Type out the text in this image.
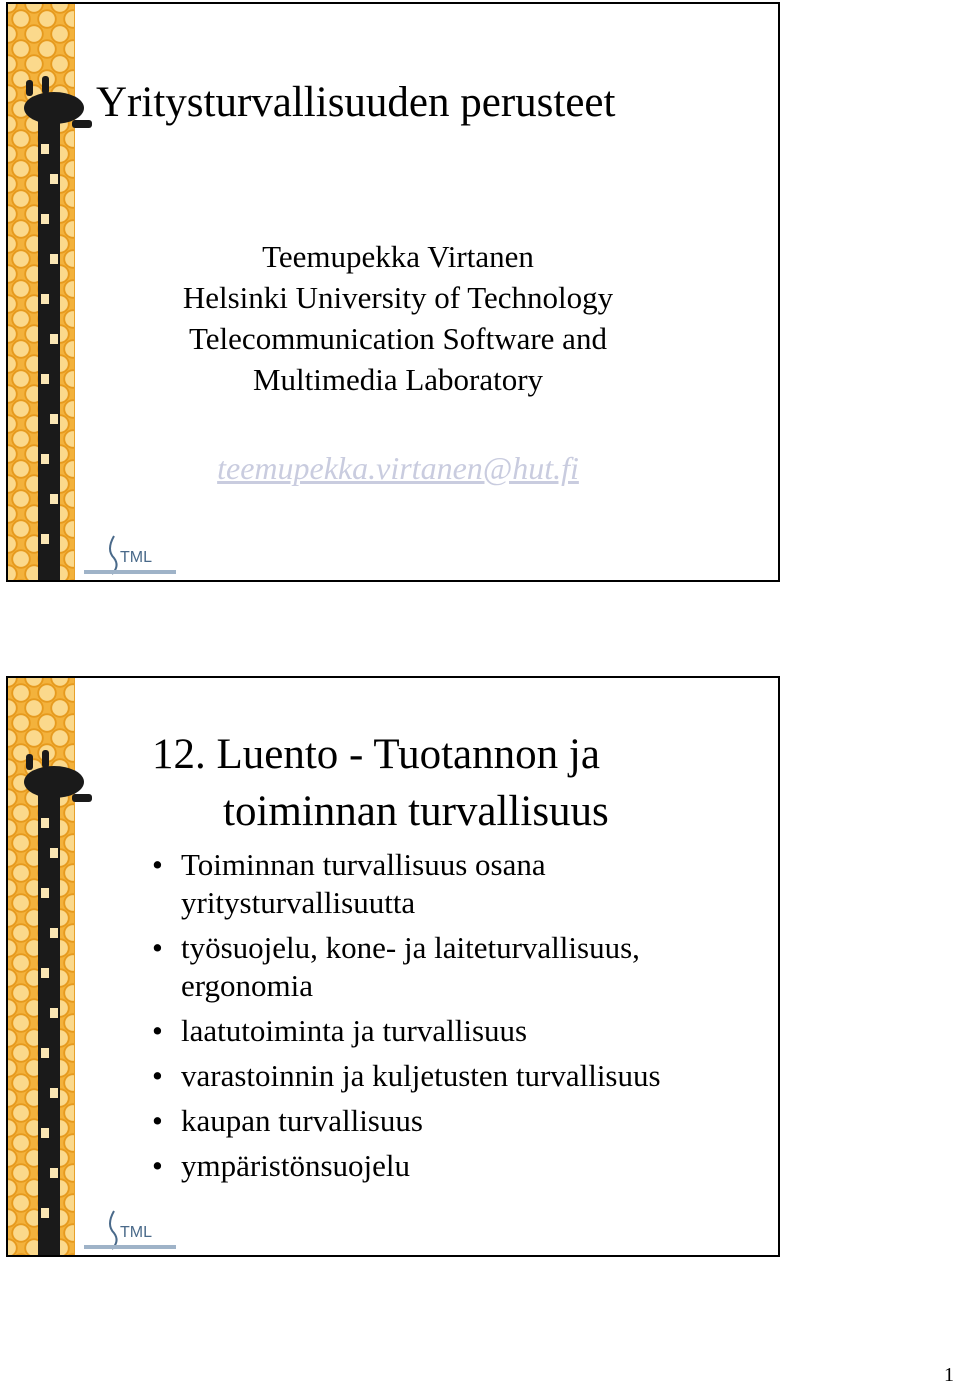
TML
Yritysturvallisuuden perusteet
Teemupekka Virtanen
Helsinki University of Technology
Telecommunication Software and
Multimedia Laboratory
teemupekka.virtanen@hut.fi
TML
12. Luento - Tuotannon ja
toiminnan turvallisuus
• Toiminnan turvallisuus osana yritysturvallisuutta
• työsuojelu, kone- ja laiteturvallisuus, ergonomia
• laatutoiminta ja turvallisuus
• varastoinnin ja kuljetusten turvallisuus
• kaupan turvallisuus
• ympäristönsuojelu
1
